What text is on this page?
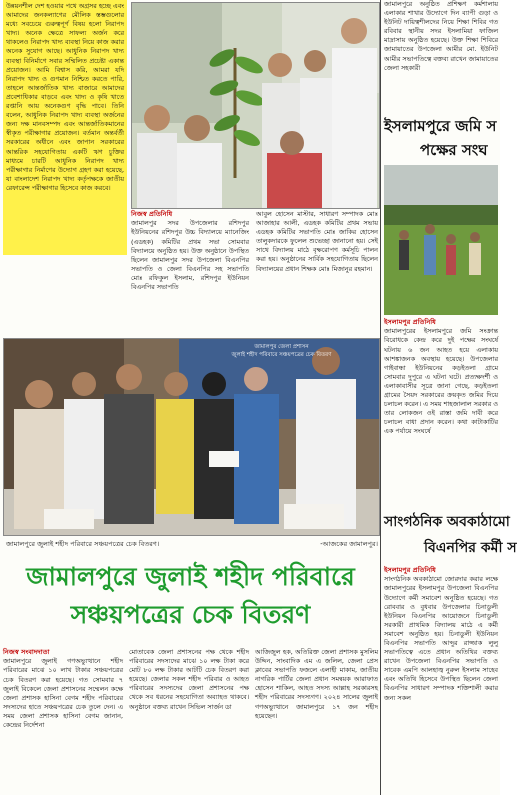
উন্নয়নশীল দেশ হওয়ার পথে অগ্রসর হচ্ছে এবং আমাদের জনকল্যাণের মৌলিক স্তম্ভগুলোর মধ্যে সবচেয়ে গুরুত্বপূর্ণ বিষয় হলো নিরাপদ খাদ্য। অনেক ক্ষেত্রে সাফল্য অর্জন করে থাকলেও নিরাপদ খাদ্য ব্যবস্থা নিয়ে কাজ করার অনেক সুযোগ আছে। আধুনিক নিরাপদ খাদ্য ব্যবস্থা বিনির্মাণে সবার সম্মিলিত প্রচেষ্টা একান্ত প্রয়োজন। আমি বিশ্বাস করি, আমরা যদি নিরাপদ খাদ্য ও গুণমান নিশ্চিত করতে পারি, তাহলে আন্তর্জাতিক খাদ্য বাজারে আমাদের প্রবেশাধিকার বাড়বে এবং খাদ্য ও কৃষি খাতে রপ্তানি আয় অনেকগুণ বৃদ্ধি পাবে। তিনি বলেন, আধুনিক নিরাপদ খাদ্য ব্যবস্থা অর্জনের জন্য দক্ষ মানবসম্পদ এবং আন্তর্জাতিকমানের স্বীকৃত পরীক্ষাগার প্রয়োজন। বর্তমান অন্তর্বর্তী সরকারের অধীনে এবং জাপান সরকারের আন্তরিক সহযোগিতায় একটি ঋণ চুক্তির মাধ্যমে চারটি আধুনিক নিরাপদ খাদ্য পরীক্ষাগার নির্মাণের উদ্যোগ গ্রহণ করা হয়েছে, যা বাংলাদেশ নিরাপদ খাদ্য কর্তৃপক্ষকে জাতীয় রেফারেন্স পরীক্ষাগার হিসেবে কাজ করবে।
নিজস্ব প্রতিনিধি
জামালপুর সদর উপজেলার রশিদপুর ইউনিয়নের রশিদপুর উচ্চ বিদ্যালয়ে ম্যানেজিং (এডহক) কমিটির প্রথম সভা সোমবার বিদ্যালয়ে অনুষ্ঠিত হয়। উক্ত অনুষ্ঠানে উপস্থিত ছিলেন জামালপুর সদর উপজেলা বিএনপির সভাপতি ও জেলা বিএনপির সহ সভাপতি মোঃ রফিকুল ইসলাম, রশিদপুর ইউনিয়ন বিএনপির সভাপতি
আবুল হোসেন মাস্টার, সাধারণ সম্পাদক মোঃ আজাহার আলী, এডহক কমিটির প্রথম সভায় এডহক কমিটির সভাপতি মোঃ জাকির হোসেন তালুকদারকে ফুলেল শুভেচ্ছা জানানো হয়। সেই সাথে বিদ্যালয় মাঠে বৃক্ষরোপণ কর্মসূচি পালন করা হয়। অনুষ্ঠানের সার্বিক সহযোগিতায় ছিলেন বিদ্যালয়ের প্রধান শিক্ষক মোঃ মিজানুর রহমান।
জামালপুর জেলা প্রশাসন
জুলাই শহীদ পরিবারে সঞ্চয়পত্রের চেক বিতরণ
জামালপুরে জুলাই শহীদ পরিবারে সঞ্চয়পত্রের চেক বিতরণ।	-আজকের জামালপুর।
জামালপুরে জুলাই শহীদ পরিবারে
সঞ্চয়পত্রের চেক বিতরণ
নিজস্ব সংবাদদাতা
জামালপুরে জুলাই গণঅভ্যুত্থানে শহীদ পরিবারের মাঝে ১০ লাখ টাকার সঞ্চয়পত্রের চেক বিতরণ করা হয়েছে। গত সোমবার ৭ জুলাই বিকেলে জেলা প্রশাসনের সম্মেলন কক্ষে জেলা প্রশাসক হাসিনা বেগম শহীদ পরিবারের সদস্যদের হাতে সঞ্চয়পত্রের চেক তুলে দেন। এ সময় জেলা প্রশাসক হাসিনা বেগম জানান, কেন্দ্রের নির্দেশনা
মোতাবেক জেলা প্রশাসনের পক্ষ থেকে শহীদ পরিবারের সদস্যদের মাঝে ১০ লক্ষ টাকা করে মোট ৮০ লক্ষ টাকার আটটি চেক বিতরণ করা হয়েছে। জেলার সকল শহীদ পরিবার ও আহত পরিবারের সদস্যদের জেলা প্রশাসনের পক্ষ থেকে সব ধরনের সহযোগিতা অব্যাহত থাকবে। অনুষ্ঠানে বক্তব্য রাখেন সিভিল সার্জন ডা
আজিজুল হক, অতিরিক্ত জেলা প্রশাসক মুসলিম উদ্দিন, সাংবাদিক এম এ জলিল, জেলা প্রেস ক্লাবের সভাপতি ফজলে এলাহী মাকাম, জাতীয় নাগরিক পার্টির জেলা প্রধান সমন্বয়ক আরাফাত হোসেন শাকিল, আহত সদস্য আল্লাহ সরকারসহ শহীদ পরিবারের সদস্যগণ। ২০২৪ সালের জুলাই গণঅভ্যুত্থানে জামালপুরে ১৭ জন শহীদ হয়েছেন।
জামালপুরে অনুষ্ঠিত প্রশিক্ষণ কর্মশালায় এলাকার শাখার উদ্যোগে দিন ব্যাপী গুড়া ও ইউনিট দায়িত্বশীলদের নিয়ে শিক্ষা শিবির গত রবিবার স্থানীয় সদর ইসলামিয়া ফাজিল মাদ্রাসায় অনুষ্ঠিত হয়েছে। উক্ত শিক্ষা শিবিরে জামায়াতের উপজেলা আমীর মো. ইউনিট আমীর সভাপতিত্বে বক্তব্য রাখেন জামায়াতের জেলা সহকারী
ইসলামপুরে জমি স
পক্ষের সংঘ
ইসলামপুর প্রতিনিধি
জামালপুরের ইসলামপুরে জমি সংক্রান্ত বিরোধকে কেন্দ্র করে দুই পক্ষের সংঘর্ষে ঘটনায় ৬ জন আহত হয়ে এলাকায় আশঙ্কাজনক অবস্থায় হয়েছে। উপজেলার গাইবান্ধা ইউনিয়নের কড়ইতলা গ্রামে সোমবার দুপুরে এ ঘটনা ঘটে। প্রত্যক্ষদর্শী ও এলাকাবাসীর সূত্রে জানা গেছে, কড়ইতলা গ্রামের সৈয়দ সরকারের ক্রয়কৃত জমির দিয়ে চলাচল করেন। এ সময় শাহজালাল সরকার ও তার লোকজন ওই রাস্তা জমি দাবী করে চলাচল বাধা প্রদান করেন। কথা কাটাকাটির এক পর্যায়ে সংঘর্ষে
সাংগঠনিক অবকাঠামো
বিএনপির কর্মী স
ইসলামপুর প্রতিনিধি
সাংগঠনিক অবকাঠামো জোরদার করার লক্ষে জামালপুরের ইসলামপুর উপজেলা বিএনপির উদ্যোগে কর্মী সমাবেশ অনুষ্ঠিত হয়েছে। গত রোববার ও বুধবার উপজেলার চিনাডুলী ইউনিয়ন বিএনপির আয়োজনে চিনাডুলী সরকারী প্রাথমিক বিদ্যালয় মাঠে এ কর্মী সমাবেশ অনুষ্ঠিত হয়। চিনাডুলী ইউনিয়ন বিএনপির সভাপতি আব্দুর রাজ্জাক লুলু সভাপতিত্বে এতে প্রধান অতিথির বক্তব্য রাখেন উপজেলা বিএনপির সভাপতি ও সাবেক এমপি আলহাজ্ব নুরুল ইসলাম সাহেব এবং অতিথি হিসেবে উপস্থিত ছিলেন জেলা বিএনপির সাধারণ সম্পাদক শক্তিশালী করার জন্য সকল
